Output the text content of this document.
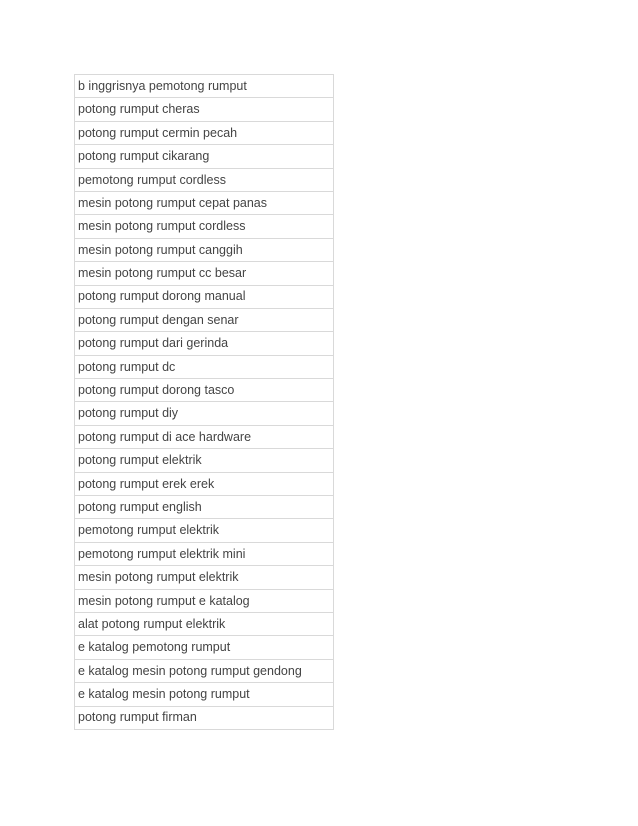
b inggrisnya pemotong rumput
potong rumput cheras
potong rumput cermin pecah
potong rumput cikarang
pemotong rumput cordless
mesin potong rumput cepat panas
mesin potong rumput cordless
mesin potong rumput canggih
mesin potong rumput cc besar
potong rumput dorong manual
potong rumput dengan senar
potong rumput dari gerinda
potong rumput dc
potong rumput dorong tasco
potong rumput diy
potong rumput di ace hardware
potong rumput elektrik
potong rumput erek erek
potong rumput english
pemotong rumput elektrik
pemotong rumput elektrik mini
mesin potong rumput elektrik
mesin potong rumput e katalog
alat potong rumput elektrik
e katalog pemotong rumput
e katalog mesin potong rumput gendong
e katalog mesin potong rumput
potong rumput firman
